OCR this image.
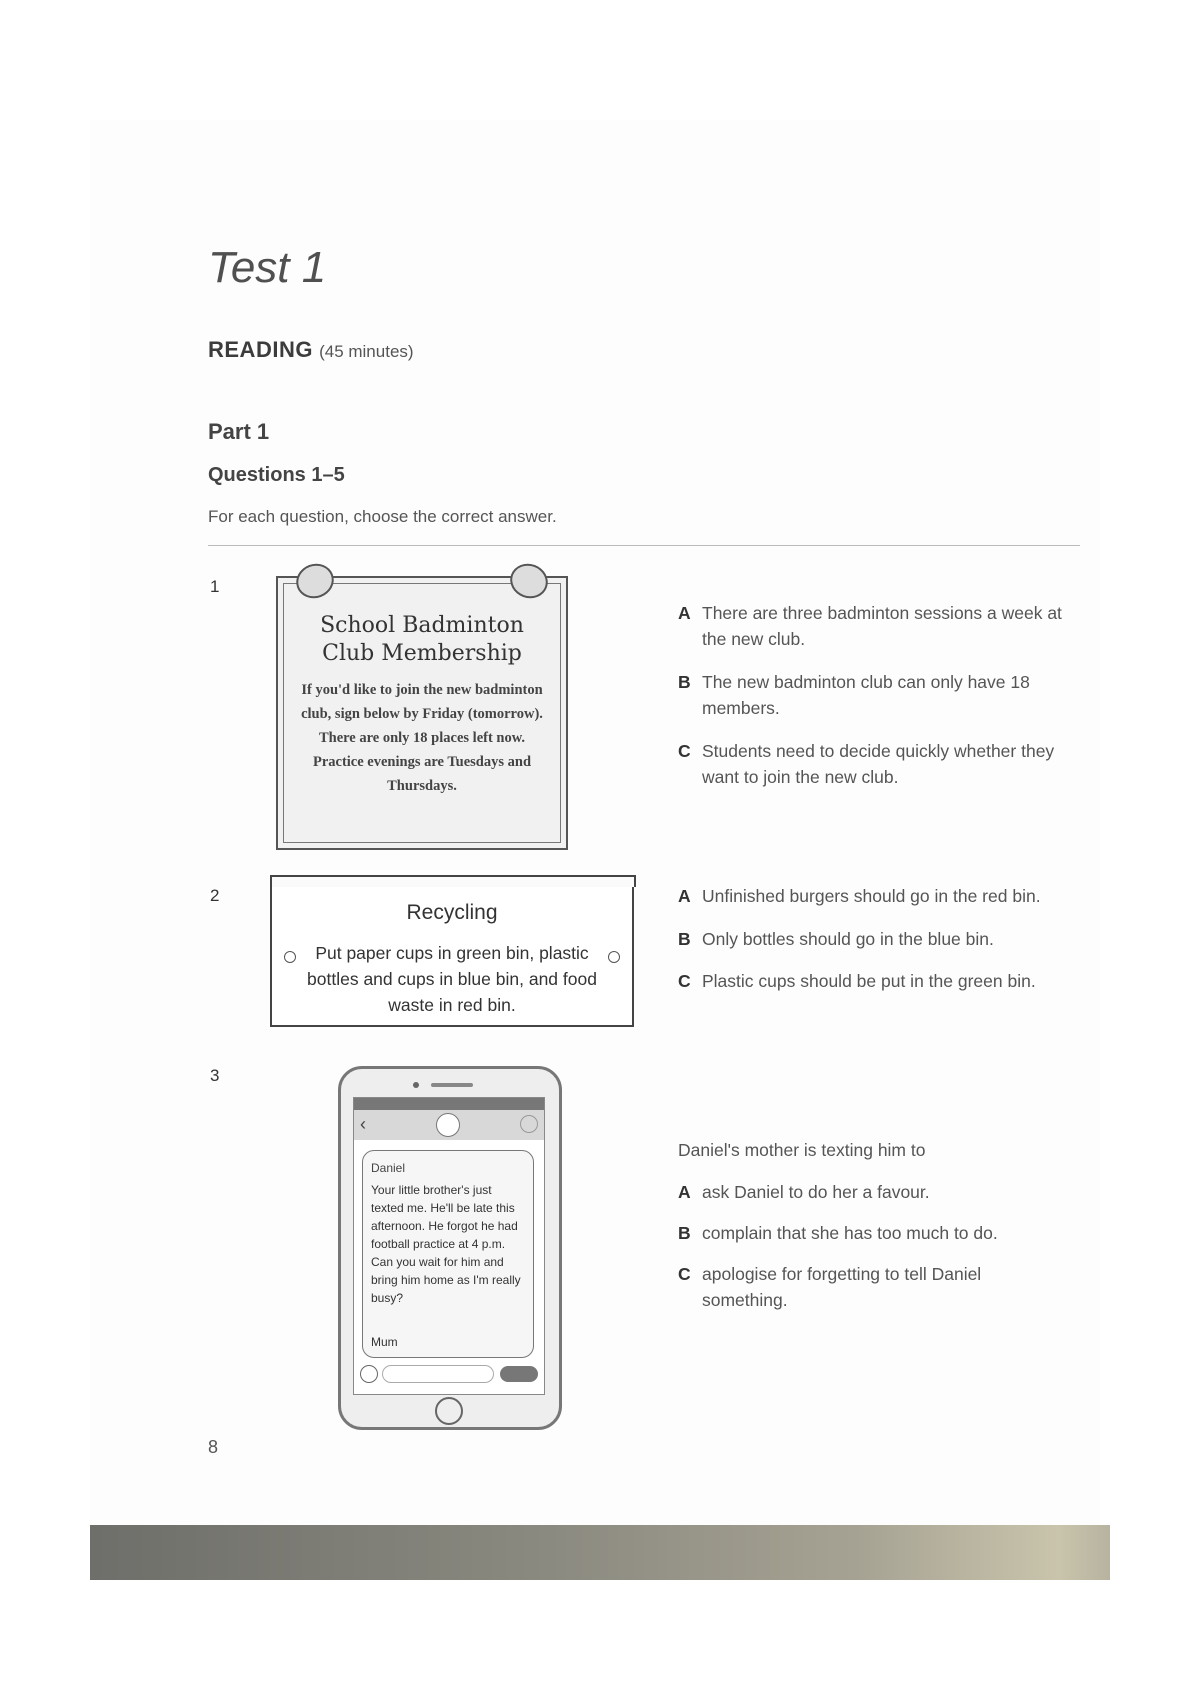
Test 1
READING (45 minutes)
Part 1
Questions 1–5
For each question, choose the correct answer.
1
School Badminton
Club Membership
If you'd like to join the new badminton club, sign below by Friday (tomorrow). There are only 18 places left now. Practice evenings are Tuesdays and Thursdays.
A There are three badminton sessions a week at the new club.
B The new badminton club can only have 18 members.
C Students need to decide quickly whether they want to join the new club.
2
Recycling
Put paper cups in green bin, plastic bottles and cups in blue bin, and food waste in red bin.
A Unfinished burgers should go in the red bin.
B Only bottles should go in the blue bin.
C Plastic cups should be put in the green bin.
3
‹
Daniel
Your little brother's just texted me. He'll be late this afternoon. He forgot he had football practice at 4 p.m. Can you wait for him and bring him home as I'm really busy?
Mum
Daniel's mother is texting him to
A ask Daniel to do her a favour.
B complain that she has too much to do.
C apologise for forgetting to tell Daniel something.
8
